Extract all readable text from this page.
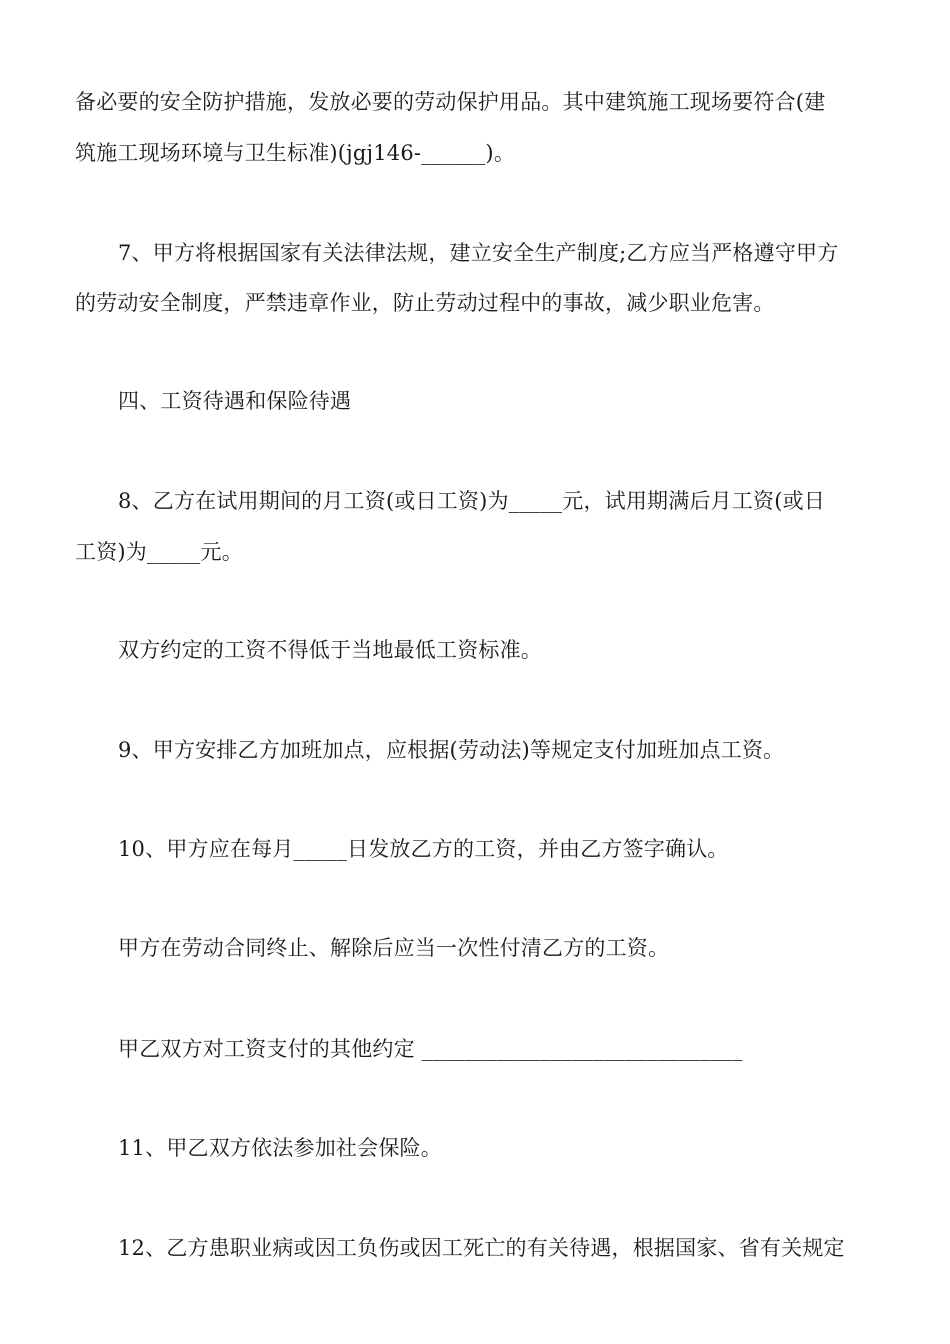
备必要的安全防护措施，发放必要的劳动保护用品。其中建筑施工现场要符合(建
筑施工现场环境与卫生标准)(jgj146-______)。
7、甲方将根据国家有关法律法规，建立安全生产制度;乙方应当严格遵守甲方
的劳动安全制度，严禁违章作业，防止劳动过程中的事故，减少职业危害。
四、工资待遇和保险待遇
8、乙方在试用期间的月工资(或日工资)为_____元，试用期满后月工资(或日
工资)为_____元。
双方约定的工资不得低于当地最低工资标准。
9、甲方安排乙方加班加点，应根据(劳动法)等规定支付加班加点工资。
10、甲方应在每月_____日发放乙方的工资，并由乙方签字确认。
甲方在劳动合同终止、解除后应当一次性付清乙方的工资。
甲乙双方对工资支付的其他约定 ______________________________
11、甲乙双方依法参加社会保险。
12、乙方患职业病或因工负伤或因工死亡的有关待遇，根据国家、省有关规定
